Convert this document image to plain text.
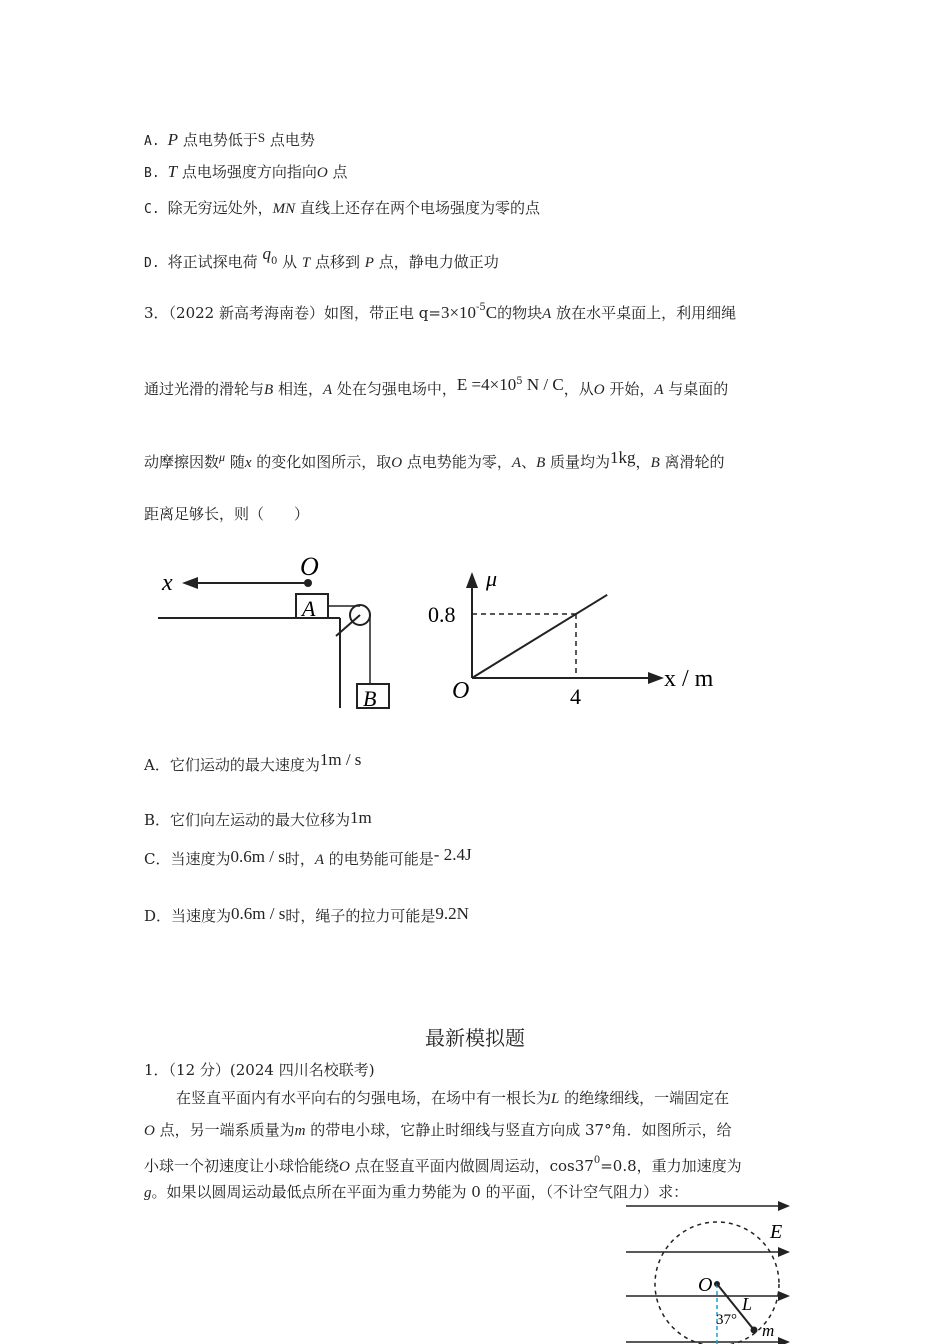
A. P 点电势低于S 点电势
B. T 点电场强度方向指向O 点
C. 除无穷远处外，MN 直线上还存在两个电场强度为零的点
D. 将正试探电荷 $q^0$ 从 T 点移到 P 点，静电力做正功
3．（2022 新高考海南卷）如图，带正电 $q=3\times 10^{-5}C$的物块A 放在水平桌面上，利用细绳
通过光滑的滑轮与B 相连，A 处在匀强电场中，$E =4\times 10^5$ N / C，从O 开始，A 与桌面的
动摩擦因数$^\mu$ 随x 的变化如图所示，取O 点电势能为零，A、B 质量均为1kg，B 离滑轮的
距离足够长，则（　　）
x
O
A
B
μ
x / m
O
0.8
4
A．它们运动的最大速度为1m / s
B．它们向左运动的最大位移为1m
C．当速度为0.6m / s时，A 的电势能可能是- 2.4J
D．当速度为0.6m / s时，绳子的拉力可能是9.2N
最新模拟题
1．（12 分）(2024 四川名校联考)
在竖直平面内有水平向右的匀强电场，在场中有一根长为L 的绝缘细线，一端固定在
O 点，另一端系质量为m 的带电小球，它静止时细线与竖直方向成 37°角．如图所示，给
小球一个初速度让小球恰能绕O 点在竖直平面内做圆周运动，$\cos 37^0=0.8$，重力加速度为
g。如果以圆周运动最低点所在平面为重力势能为 0 的平面，（不计空气阻力）求：
E
O
L
37°
m
